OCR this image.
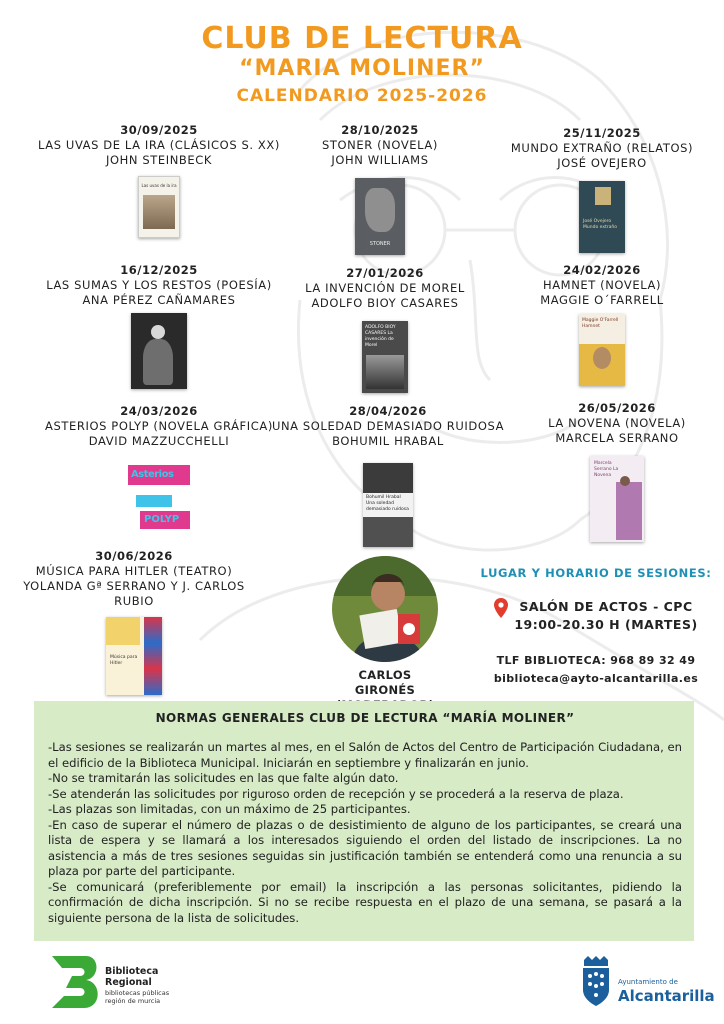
CLUB DE LECTURA
“MARIA MOLINER”
CALENDARIO 2025-2026
30/09/2025
LAS UVAS DE LA IRA (CLÁSICOS S. XX)
JOHN STEINBECK
Las uvas de la ira
28/10/2025
STONER (NOVELA)
JOHN WILLIAMS
STONER
25/11/2025
MUNDO EXTRAÑO (RELATOS)
JOSÉ OVEJERO
José Ovejero Mundo extraño
16/12/2025
LAS SUMAS Y LOS RESTOS (POESÍA)
ANA PÉREZ CAÑAMARES
27/01/2026
LA INVENCIÓN DE MOREL
ADOLFO BIOY CASARES
ADOLFO BIOY CASARES La invención de Morel
24/02/2026
HAMNET (NOVELA)
MAGGIE O´FARRELL
Maggie O'Farrell Hamnet
24/03/2026
ASTERIOS POLYP (NOVELA GRÁFICA)
DAVID MAZZUCCHELLI
Asterios
POLYP
28/04/2026
UNA SOLEDAD DEMASIADO RUIDOSA
BOHUMIL HRABAL
Bohumil Hrabal Una soledad demasiado ruidosa
26/05/2026
LA NOVENA (NOVELA)
MARCELA SERRANO
Marcela Serrano La Novena
30/06/2026
MÚSICA PARA HITLER (TEATRO)
YOLANDA Gª SERRANO Y J. CARLOS RUBIO
Música para Hitler
CARLOS GIRONÉS
LUGAR Y HORARIO DE SESIONES:
SALÓN DE ACTOS - CPC
19:00-20.30 H (MARTES)
TLF BIBLIOTECA: 968 89 32 49
biblioteca@ayto-alcantarilla.es
NORMAS GENERALES CLUB DE LECTURA “MARÍA MOLINER”

-Las sesiones se realizarán un martes al mes, en el Salón de Actos del Centro de Participación Ciudadana, en el edificio de la Biblioteca Municipal. Iniciarán en septiembre y finalizarán en junio.

-No se tramitarán las solicitudes en las que falte algún dato.

-Se atenderán las solicitudes por riguroso orden de recepción y se procederá a la reserva de plaza.

-Las plazas son limitadas, con un máximo de 25 participantes.

-En caso de superar el número de plazas o de desistimiento de alguno de los participantes, se creará una lista de espera y se llamará a los interesados siguiendo el orden del listado de inscripciones. La no asistencia a más de tres sesiones seguidas sin justificación también se entenderá como una renuncia a su plaza por parte del participante.

-Se comunicará (preferiblemente por email) la inscripción a las personas solicitantes, pidiendo la confirmación de dicha inscripción. Si no se recibe respuesta en el plazo de una semana, se pasará a la siguiente persona de la lista de solicitudes.

Biblioteca
Regional
bibliotecas públicas región de murcia
Ayuntamiento de
Alcantarilla
